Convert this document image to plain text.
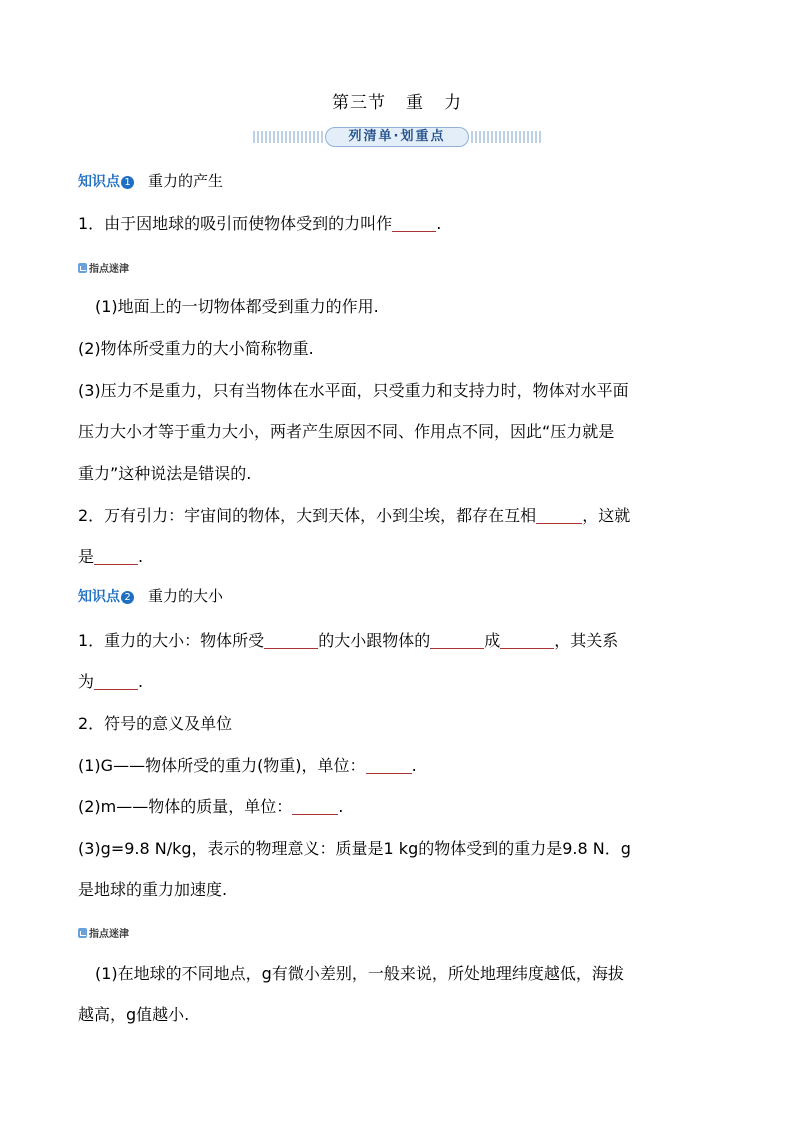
第三节 重 力
列清单·划重点
知识点 1 重力的产生
1．由于因地球的吸引而使物体受到的力叫作	.
指点迷津
(1)地面上的一切物体都受到重力的作用.
(2)物体所受重力的大小简称物重.
(3)压力不是重力，只有当物体在水平面，只受重力和支持力时，物体对水平面
压力大小才等于重力大小，两者产生原因不同、作用点不同，因此“压力就是
重力”这种说法是错误的.
2．万有引力：宇宙间的物体，大到天体，小到尘埃，都存在互相	，这就
是	.
知识点 2 重力的大小
1．重力的大小：物体所受	的大小跟物体的	成	，其关系
为	.
2．符号的意义及单位
(1)G——物体所受的重力(物重)，单位：	.
(2)m——物体的质量，单位：	.
(3)g=9.8 N/kg，表示的物理意义：质量是1 kg的物体受到的重力是9.8 N．g
是地球的重力加速度.
指点迷津
(1)在地球的不同地点，g有微小差别，一般来说，所处地理纬度越低，海拔
越高，g值越小.
